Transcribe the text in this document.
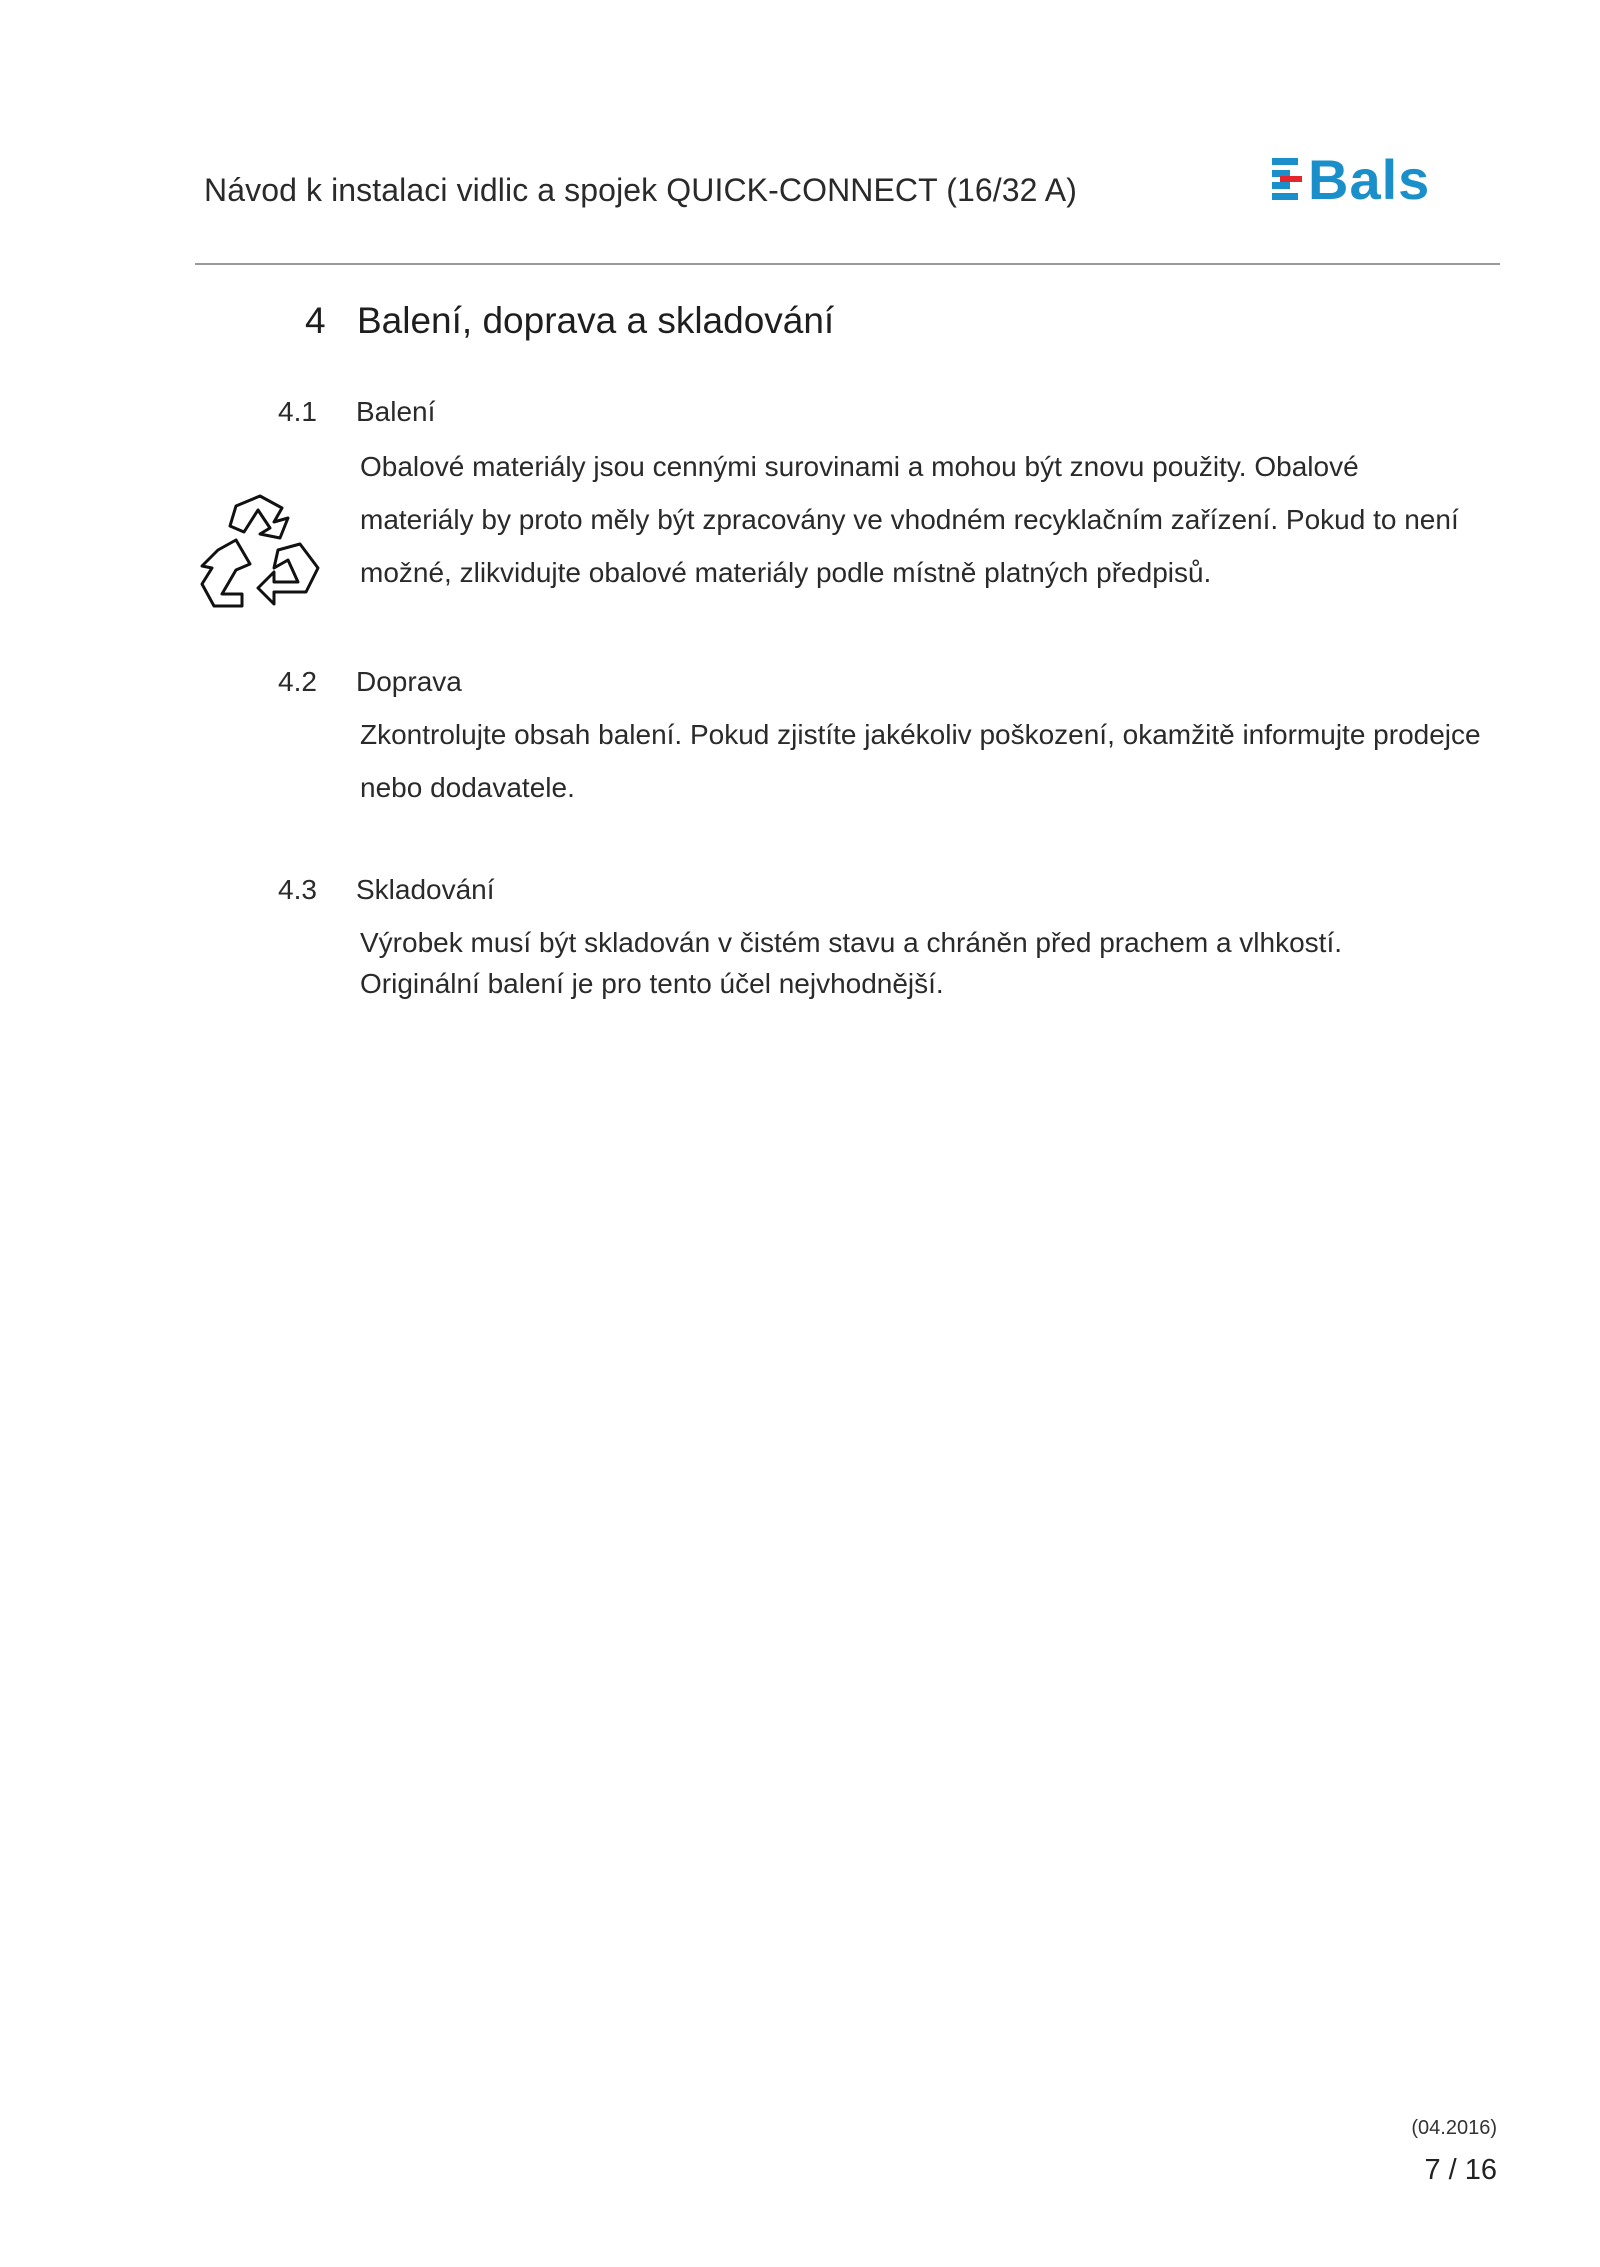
Návod k instalaci vidlic a spojek QUICK-CONNECT (16/32 A)	Bals
4 Balení, doprava a skladování
4.1 Balení
Obalové materiály jsou cennými surovinami a mohou být znovu použity. Obalové materiály by proto měly být zpracovány ve vhodném recyklačním zařízení. Pokud to není možné, zlikvidujte obalové materiály podle místně platných předpisů.
4.2 Doprava
Zkontrolujte obsah balení. Pokud zjistíte jakékoliv poškození, okamžitě informujte prodejce nebo dodavatele.
4.3 Skladování
Výrobek musí být skladován v čistém stavu a chráněn před prachem a vlhkostí. Originální balení je pro tento účel nejvhodnější.
(04.2016)
7 / 16
